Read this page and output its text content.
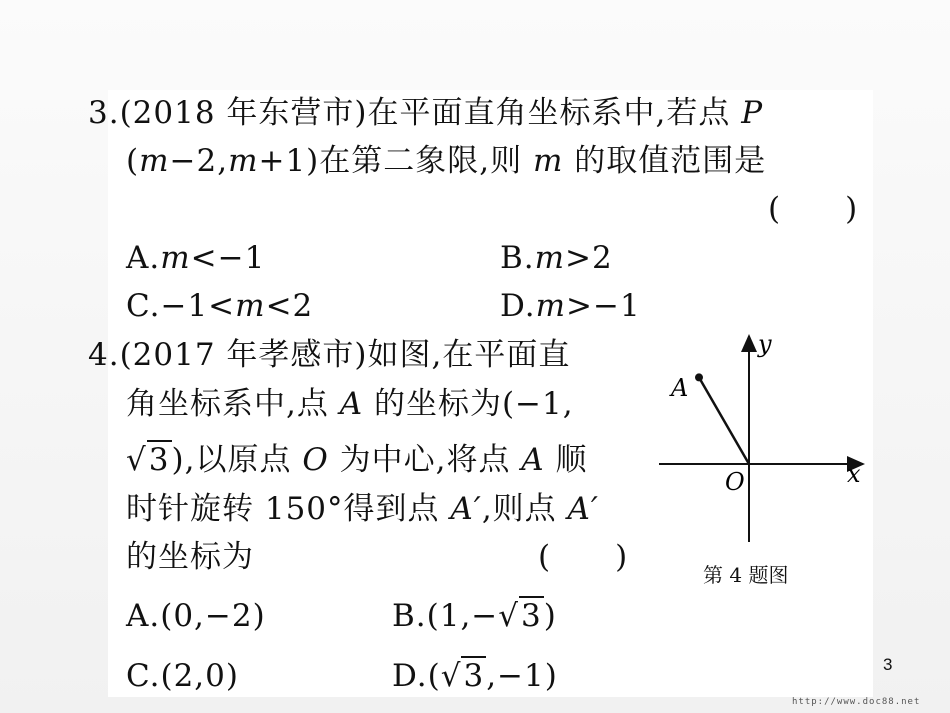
3.(2018 年东营市)在平面直角坐标系中,若点 P
(m−2,m+1)在第二象限,则 m 的取值范围是
(　　)
A.m<−1	B.m>2
C.−1<m<2	D.m>−1
4.(2017 年孝感市)如图,在平面直
角坐标系中,点 A 的坐标为(−1,
√3),以原点 O 为中心,将点 A 顺
时针旋转 150°得到点 A′,则点 A′
的坐标为	(　　)
A.(0,−2)	B.(1,−√3)
C.(2,0)	D.(√3,−1)
x
y
O
A
第 4 题图
3
http://www.doc88.net
